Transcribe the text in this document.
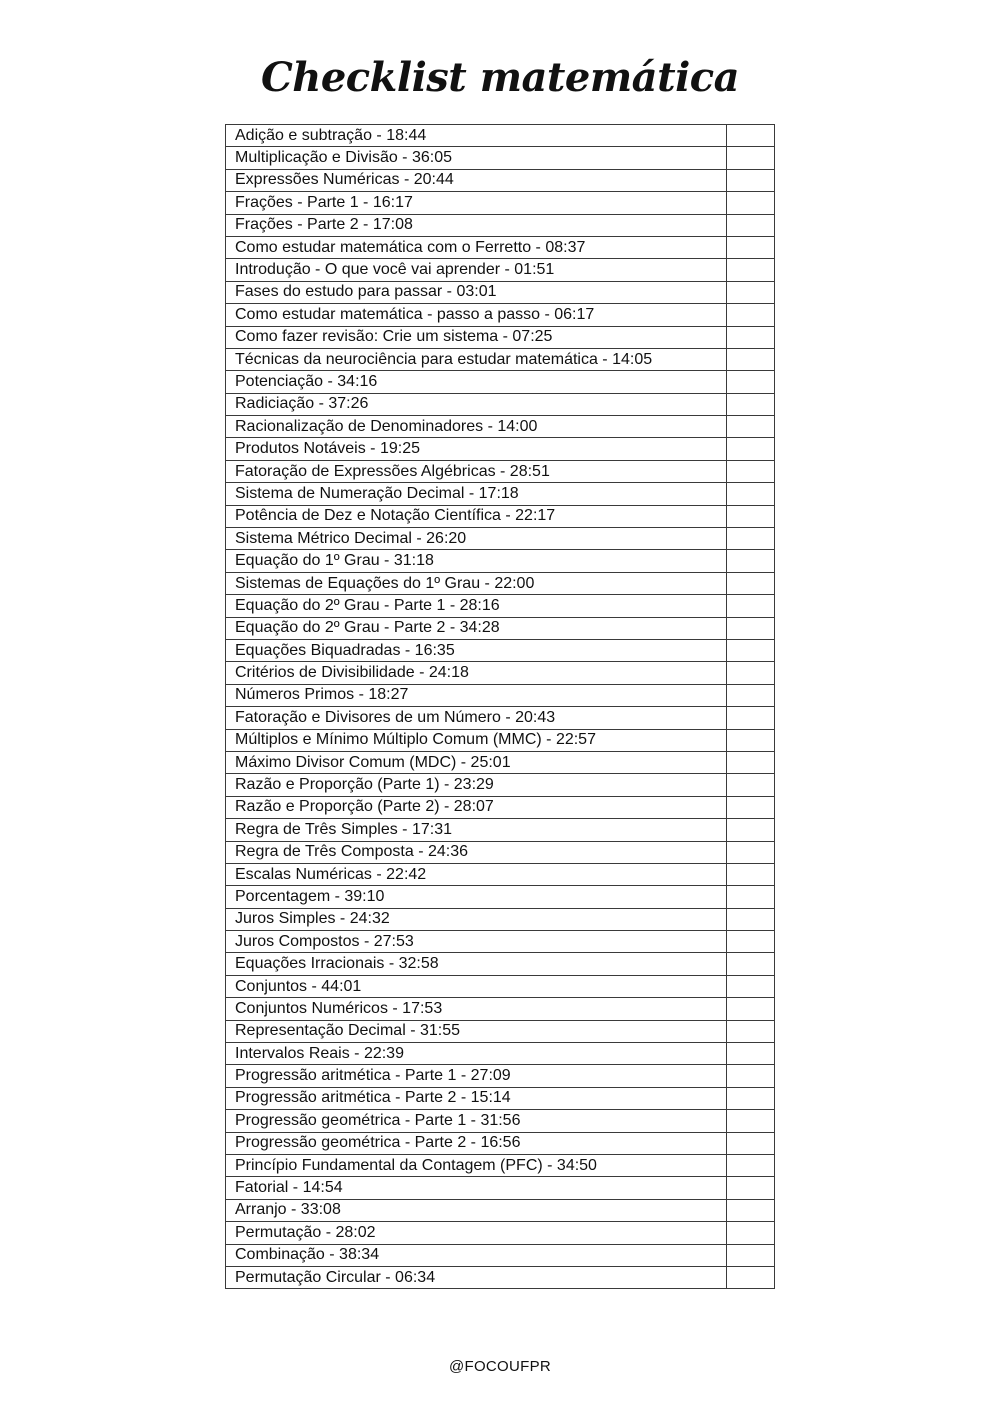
Checklist matemática
Adição e subtração - 18:44	
Multiplicação e Divisão - 36:05	
Expressões Numéricas - 20:44	
Frações - Parte 1 - 16:17	
Frações - Parte 2 - 17:08	
Como estudar matemática com o Ferretto - 08:37	
Introdução - O que você vai aprender - 01:51	
Fases do estudo para passar - 03:01	
Como estudar matemática - passo a passo - 06:17	
Como fazer revisão: Crie um sistema - 07:25	
Técnicas da neurociência para estudar matemática - 14:05	
Potenciação - 34:16	
Radiciação - 37:26	
Racionalização de Denominadores - 14:00	
Produtos Notáveis - 19:25	
Fatoração de Expressões Algébricas - 28:51	
Sistema de Numeração Decimal - 17:18	
Potência de Dez e Notação Científica - 22:17	
Sistema Métrico Decimal - 26:20	
Equação do 1º Grau - 31:18	
Sistemas de Equações do 1º Grau - 22:00	
Equação do 2º Grau - Parte 1 - 28:16	
Equação do 2º Grau - Parte 2 - 34:28	
Equações Biquadradas - 16:35	
Critérios de Divisibilidade - 24:18	
Números Primos - 18:27	
Fatoração e Divisores de um Número - 20:43	
Múltiplos e Mínimo Múltiplo Comum (MMC) - 22:57	
Máximo Divisor Comum (MDC) - 25:01	
Razão e Proporção (Parte 1) - 23:29	
Razão e Proporção (Parte 2) - 28:07	
Regra de Três Simples - 17:31	
Regra de Três Composta - 24:36	
Escalas Numéricas - 22:42	
Porcentagem - 39:10	
Juros Simples - 24:32	
Juros Compostos - 27:53	
Equações Irracionais - 32:58	
Conjuntos - 44:01	
Conjuntos Numéricos - 17:53	
Representação Decimal - 31:55	
Intervalos Reais - 22:39	
Progressão aritmética - Parte 1 - 27:09	
Progressão aritmética - Parte 2 - 15:14	
Progressão geométrica - Parte 1 - 31:56	
Progressão geométrica - Parte 2 - 16:56	
Princípio Fundamental da Contagem (PFC) - 34:50	
Fatorial - 14:54	
Arranjo - 33:08	
Permutação - 28:02	
Combinação - 38:34	
Permutação Circular - 06:34	
@FOCOUFPR
